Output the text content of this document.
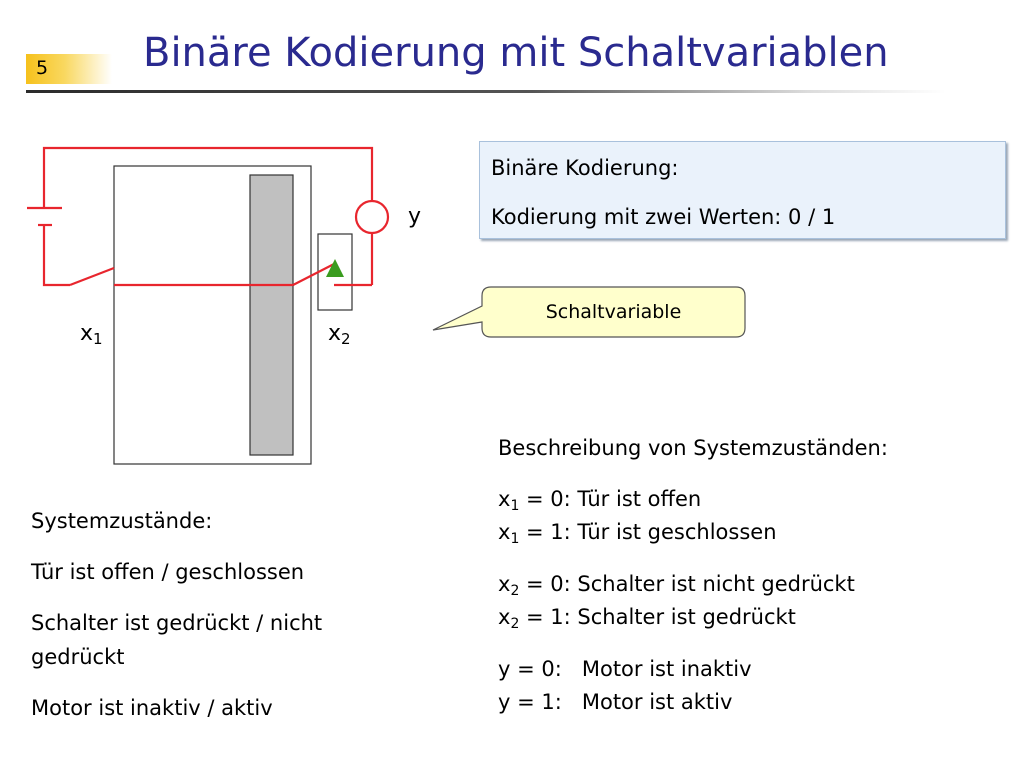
5 Binäre Kodierung mit Schaltvariablen
y
$x_1$	$x_2$
Schaltvariable
Binäre Kodierung:
Kodierung mit zwei Werten: 0 / 1
Beschreibung von Systemzuständen:
$x_1 = 0$: Tür ist offen
$x_1 = 1$: Tür ist geschlossen
$x_2 = 0$: Schalter ist nicht gedrückt
$x_2 = 1$: Schalter ist gedrückt
y = 0:   Motor ist inaktiv
y = 1:   Motor ist aktiv
Systemzustände:
Tür ist offen / geschlossen
Schalter ist gedrückt / nicht
gedrückt
Motor ist inaktiv / aktiv
